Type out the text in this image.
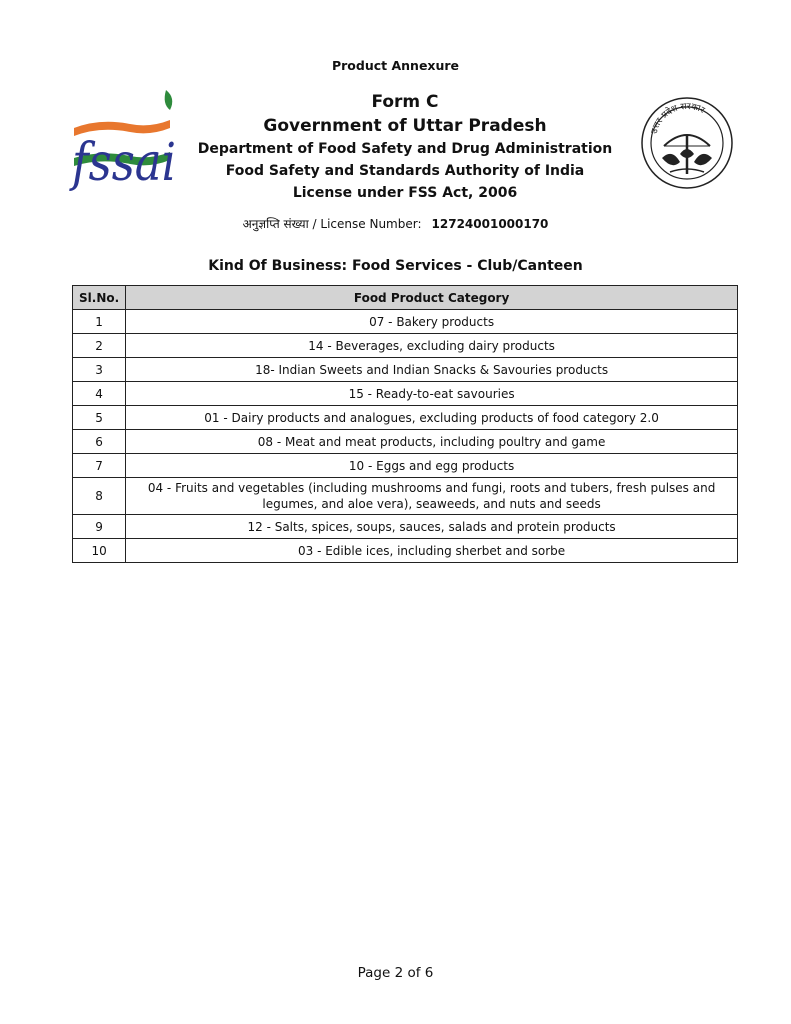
Product Annexure
fssai
Form C
Government of Uttar Pradesh
Department of Food Safety and Drug Administration
Food Safety and Standards Authority of India
License under FSS Act, 2006
उत्तर प्रदेश सरकार
अनुज्ञप्ति संख्या / License Number: 12724001000170
Kind Of Business: Food Services - Club/Canteen
Sl.No.	Food Product Category
1	07 - Bakery products
2	14 - Beverages, excluding dairy products
3	18- Indian Sweets and Indian Snacks & Savouries products
4	15 - Ready-to-eat savouries
5	01 - Dairy products and analogues, excluding products of food category 2.0
6	08 - Meat and meat products, including poultry and game
7	10 - Eggs and egg products
8	04 - Fruits and vegetables (including mushrooms and fungi, roots and tubers, fresh pulses and legumes, and aloe vera), seaweeds, and nuts and seeds
9	12 - Salts, spices, soups, sauces, salads and protein products
10	03 - Edible ices, including sherbet and sorbe
Page 2 of 6
